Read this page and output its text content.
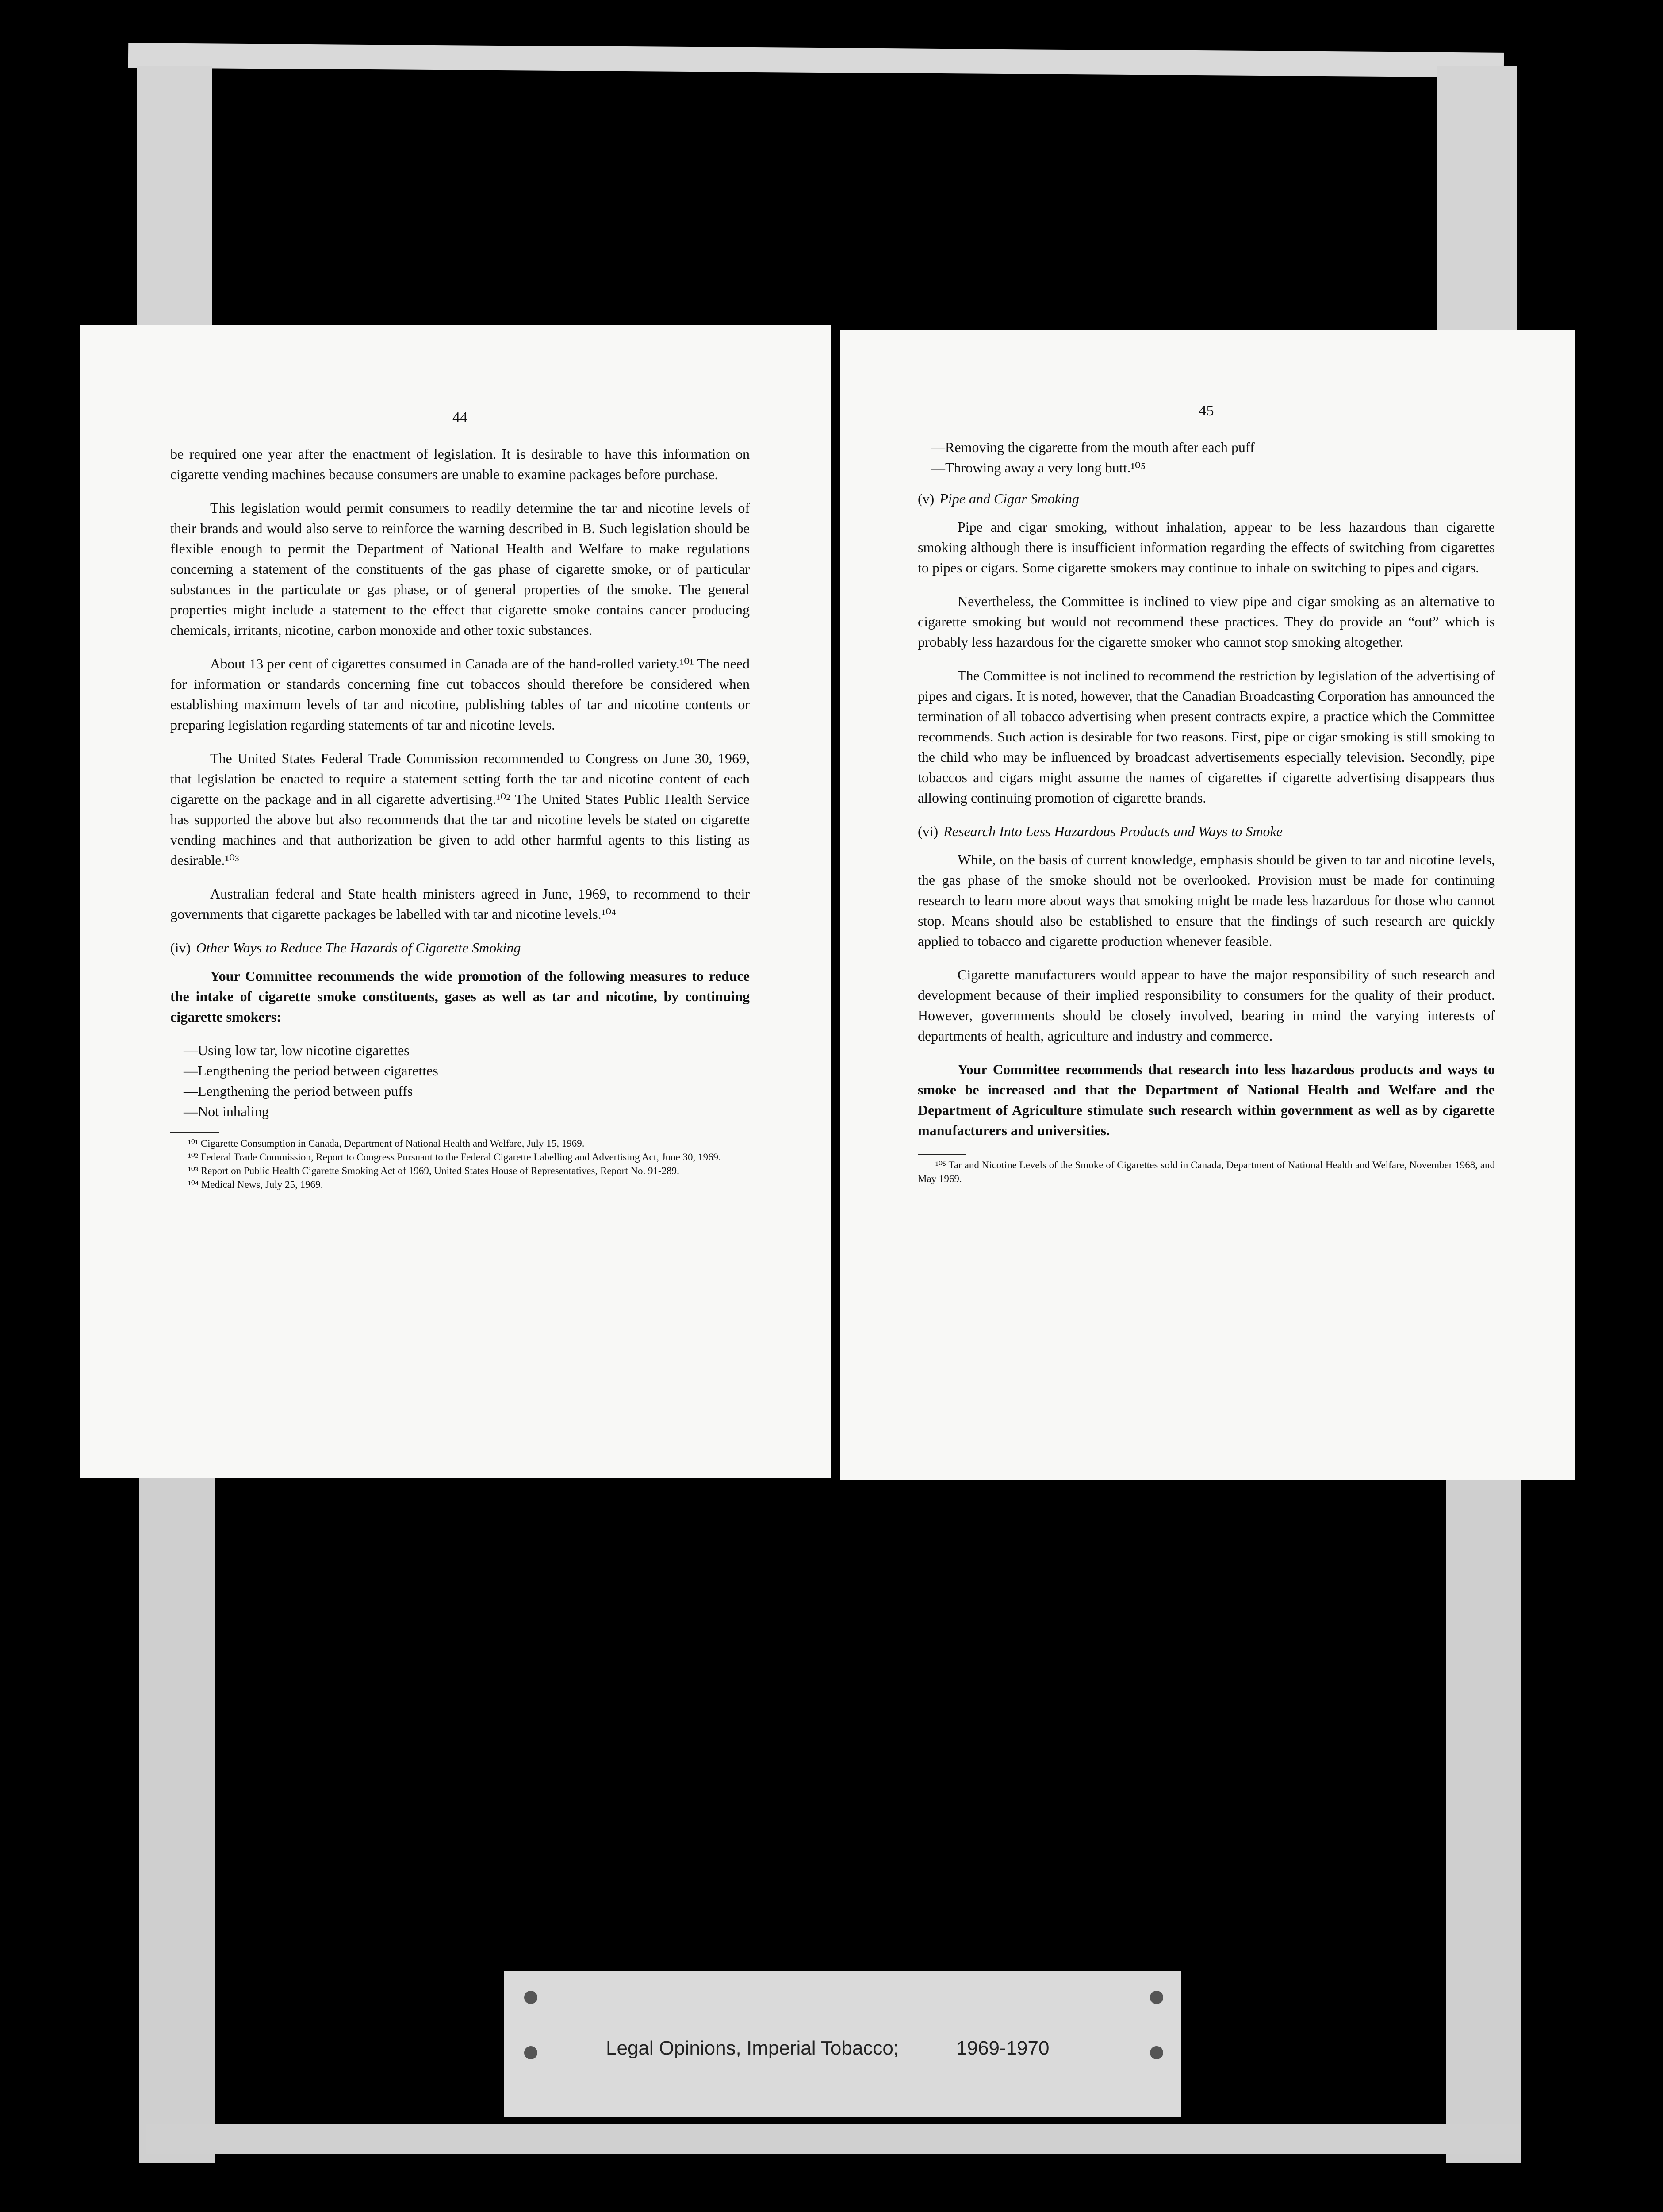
44

be required one year after the enactment of legislation. It is desirable to have this information on cigarette vending machines because consumers are unable to examine packages before purchase.

This legislation would permit consumers to readily determine the tar and nicotine levels of their brands and would also serve to reinforce the warning described in B. Such legislation should be flexible enough to permit the Department of National Health and Welfare to make regulations concerning a statement of the constituents of the gas phase of cigarette smoke, or of particular substances in the particulate or gas phase, or of general properties of the smoke. The general properties might include a statement to the effect that cigarette smoke contains cancer producing chemicals, irritants, nicotine, carbon monoxide and other toxic substances.

About 13 per cent of cigarettes consumed in Canada are of the hand-rolled variety.¹⁰¹ The need for information or standards concerning fine cut tobaccos should therefore be considered when establishing maximum levels of tar and nicotine, publishing tables of tar and nicotine contents or preparing legislation regarding statements of tar and nicotine levels.

The United States Federal Trade Commission recommended to Congress on June 30, 1969, that legislation be enacted to require a statement setting forth the tar and nicotine content of each cigarette on the package and in all cigarette advertising.¹⁰² The United States Public Health Service has supported the above but also recommends that the tar and nicotine levels be stated on cigarette vending machines and that authorization be given to add other harmful agents to this listing as desirable.¹⁰³

Australian federal and State health ministers agreed in June, 1969, to recommend to their governments that cigarette packages be labelled with tar and nicotine levels.¹⁰⁴

(iv) Other Ways to Reduce The Hazards of Cigarette Smoking

Your Committee recommends the wide promotion of the following measures to reduce the intake of cigarette smoke constituents, gases as well as tar and nicotine, by continuing cigarette smokers:

—Using low tar, low nicotine cigarettes
—Lengthening the period between cigarettes
—Lengthening the period between puffs
—Not inhaling

¹⁰¹ Cigarette Consumption in Canada, Department of National Health and Welfare, July 15, 1969.

¹⁰² Federal Trade Commission, Report to Congress Pursuant to the Federal Cigarette Labelling and Advertising Act, June 30, 1969.

¹⁰³ Report on Public Health Cigarette Smoking Act of 1969, United States House of Representatives, Report No. 91-289.

¹⁰⁴ Medical News, July 25, 1969.

45
—Removing the cigarette from the mouth after each puff
—Throwing away a very long butt.¹⁰⁵
(v) Pipe and Cigar Smoking

Pipe and cigar smoking, without inhalation, appear to be less hazardous than cigarette smoking although there is insufficient information regarding the effects of switching from cigarettes to pipes or cigars. Some cigarette smokers may continue to inhale on switching to pipes and cigars.

Nevertheless, the Committee is inclined to view pipe and cigar smoking as an alternative to cigarette smoking but would not recommend these practices. They do provide an “out” which is probably less hazardous for the cigarette smoker who cannot stop smoking altogether.

The Committee is not inclined to recommend the restriction by legislation of the advertising of pipes and cigars. It is noted, however, that the Canadian Broadcasting Corporation has announced the termination of all tobacco advertising when present contracts expire, a practice which the Committee recommends. Such action is desirable for two reasons. First, pipe or cigar smoking is still smoking to the child who may be influenced by broadcast advertisements especially television. Secondly, pipe tobaccos and cigars might assume the names of cigarettes if cigarette advertising disappears thus allowing continuing promotion of cigarette brands.

(vi) Research Into Less Hazardous Products and Ways to Smoke

While, on the basis of current knowledge, emphasis should be given to tar and nicotine levels, the gas phase of the smoke should not be overlooked. Provision must be made for continuing research to learn more about ways that smoking might be made less hazardous for those who cannot stop. Means should also be established to ensure that the findings of such research are quickly applied to tobacco and cigarette production whenever feasible.

Cigarette manufacturers would appear to have the major responsibility of such research and development because of their implied responsibility to consumers for the quality of their product. However, governments should be closely involved, bearing in mind the varying interests of departments of health, agriculture and industry and commerce.

Your Committee recommends that research into less hazardous products and ways to smoke be increased and that the Department of National Health and Welfare and the Department of Agriculture stimulate such research within government as well as by cigarette manufacturers and universities.

¹⁰⁵ Tar and Nicotine Levels of the Smoke of Cigarettes sold in Canada, Department of National Health and Welfare, November 1968, and May 1969.

Legal Opinions, Imperial Tobacco;	1969-1970
